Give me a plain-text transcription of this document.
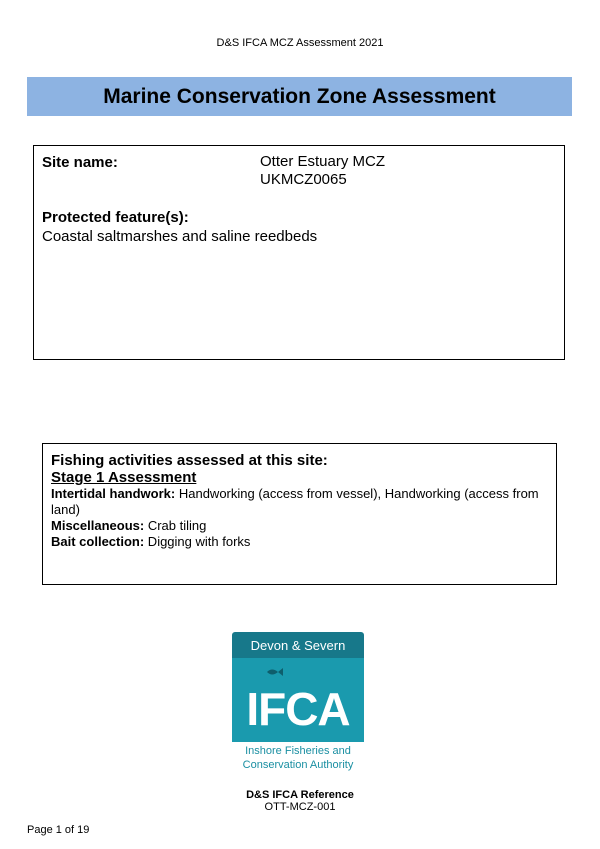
D&S IFCA MCZ Assessment 2021
Marine Conservation Zone Assessment
Site name:	Otter Estuary MCZ
UKMCZ0065
Protected feature(s):
Coastal saltmarshes and saline reedbeds
Fishing activities assessed at this site:
Stage 1 Assessment
Intertidal handwork: Handworking (access from vessel), Handworking (access from land)
Miscellaneous: Crab tiling
Bait collection: Digging with forks
Devon & Severn
IFCA
Inshore Fisheries and
Conservation Authority
D&S IFCA Reference
OTT-MCZ-001
Page 1 of 19
